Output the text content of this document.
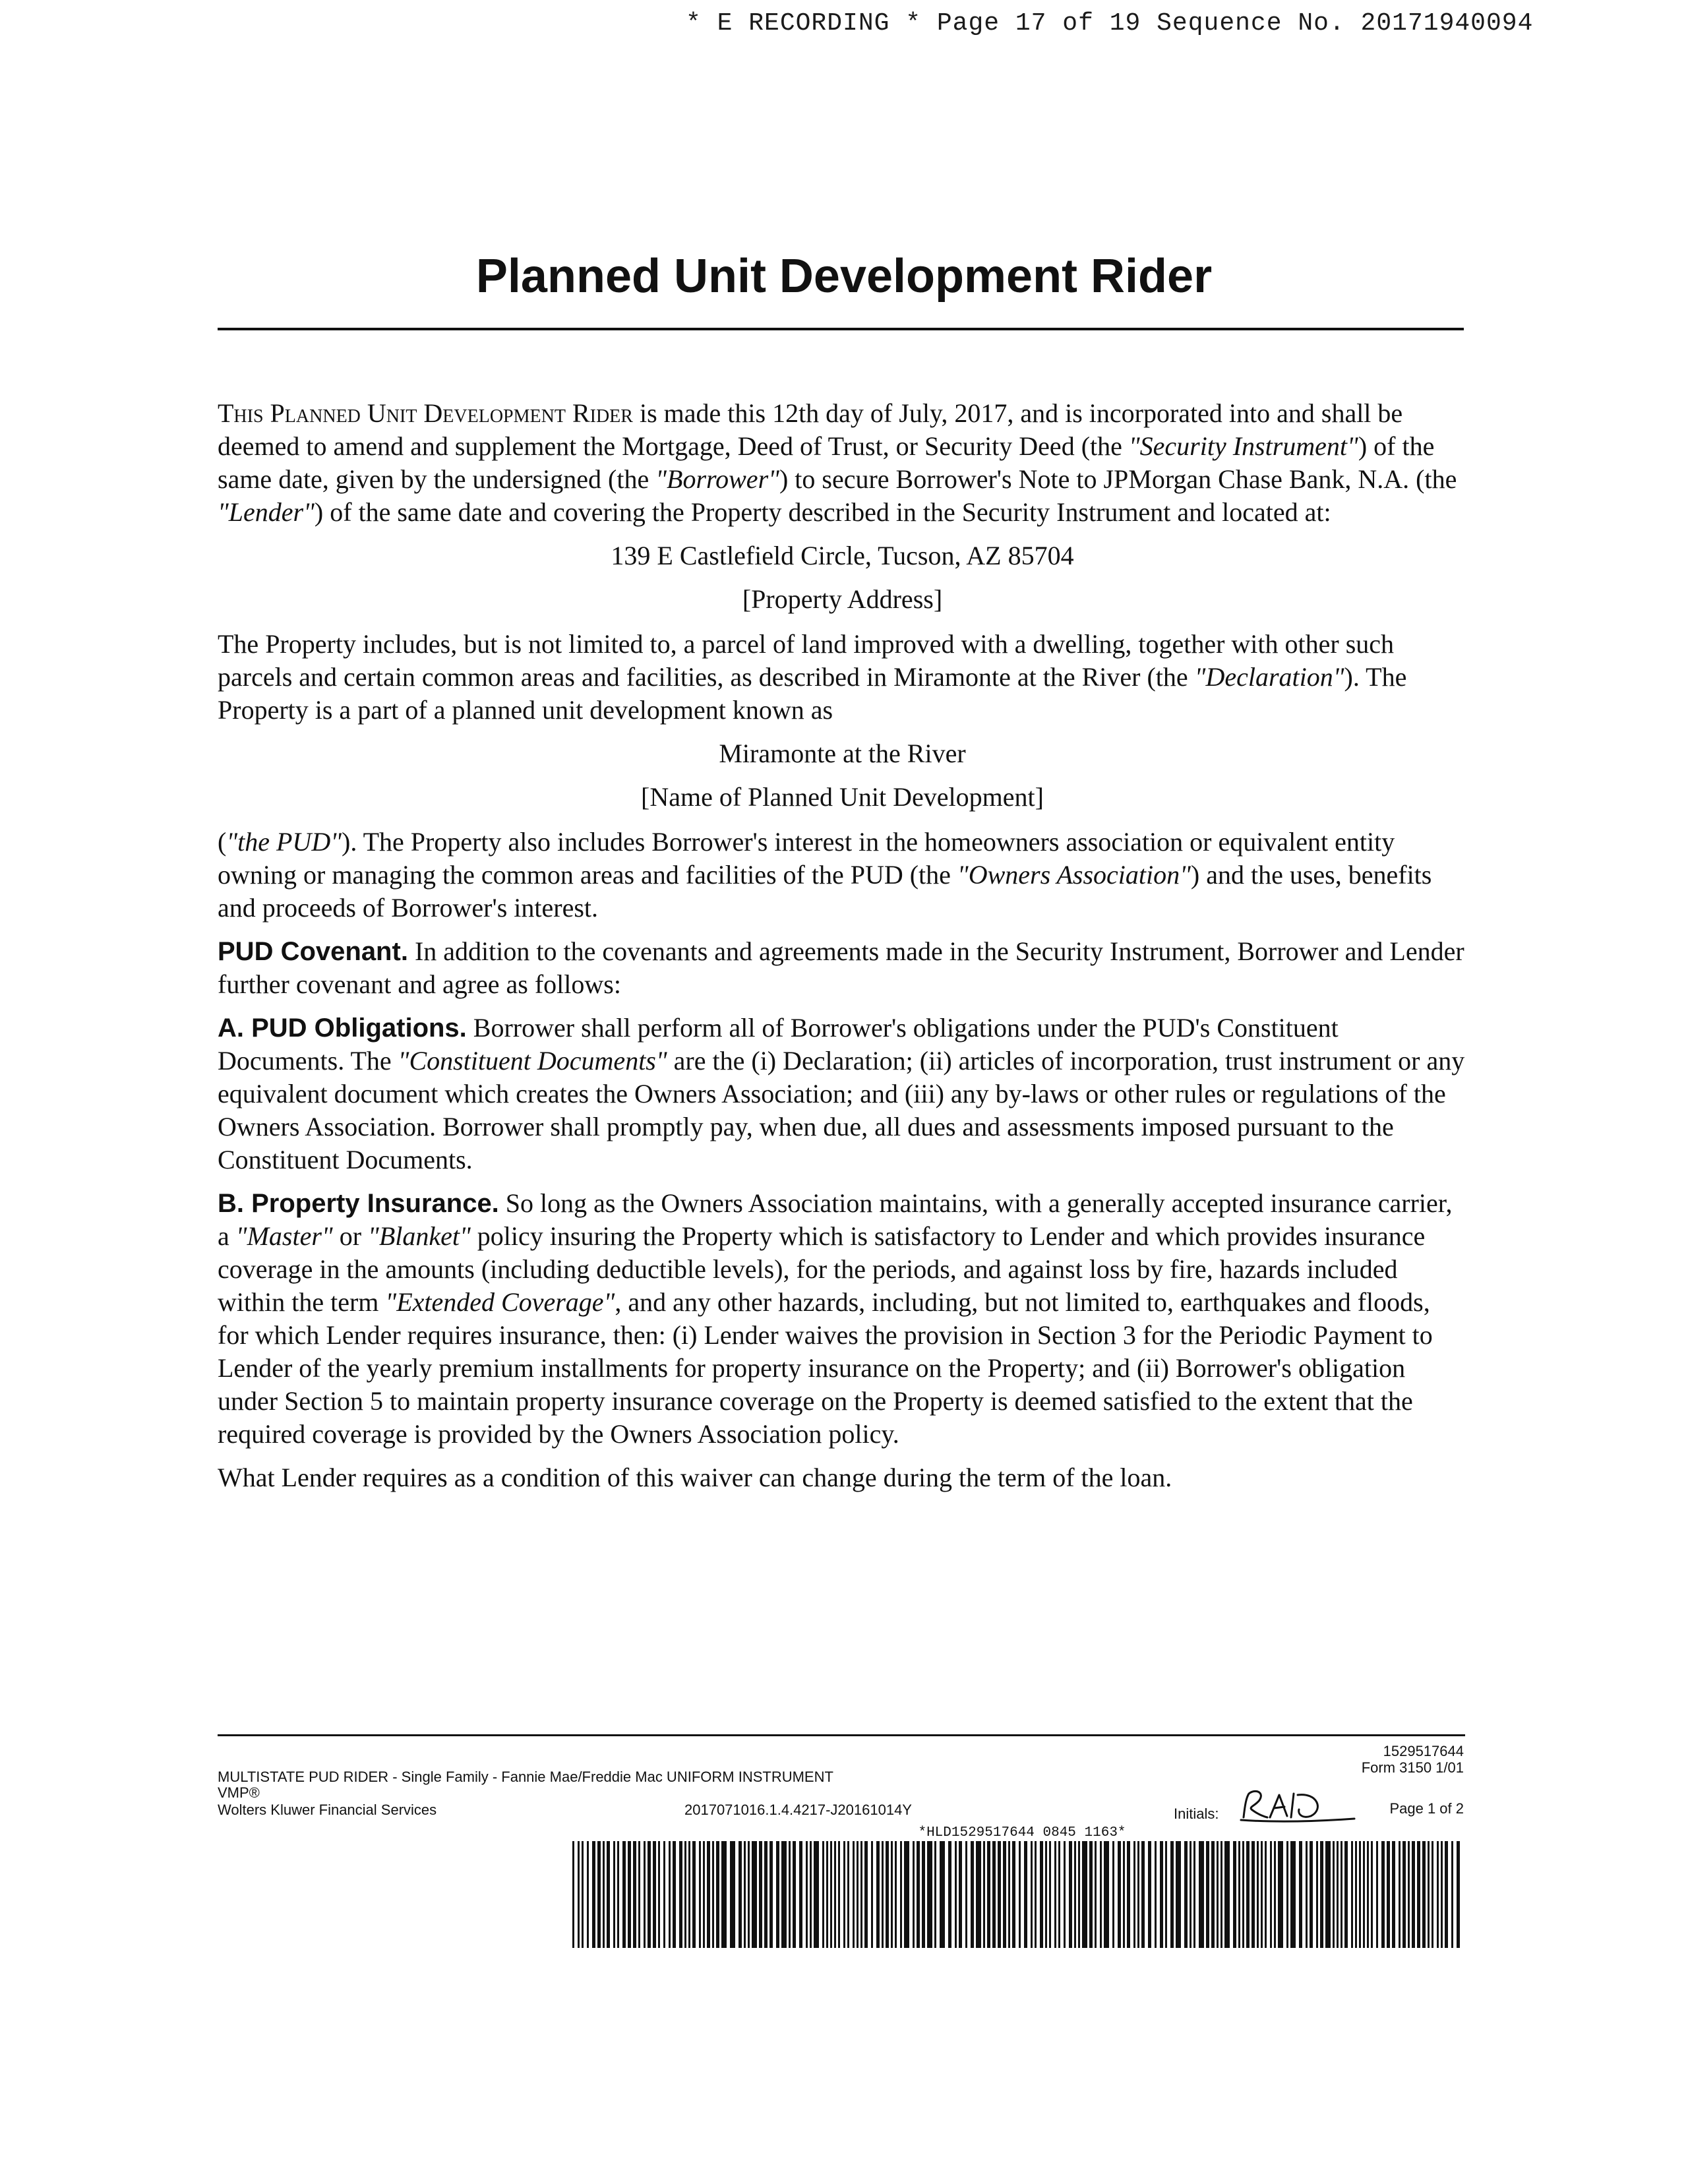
* E RECORDING * Page 17 of 19 Sequence No. 20171940094
Planned Unit Development Rider

This Planned Unit Development Rider is made this 12th day of July, 2017, and is incorporated into and shall be deemed to amend and supplement the Mortgage, Deed of Trust, or Security Deed (the "Security Instrument") of the same date, given by the undersigned (the "Borrower") to secure Borrower's Note to JPMorgan Chase Bank, N.A. (the "Lender") of the same date and covering the Property described in the Security Instrument and located at:

139 E Castlefield Circle, Tucson, AZ 85704

[Property Address]

The Property includes, but is not limited to, a parcel of land improved with a dwelling, together with other such parcels and certain common areas and facilities, as described in Miramonte at the River (the "Declaration"). The Property is a part of a planned unit development known as

Miramonte at the River

[Name of Planned Unit Development]

("the PUD"). The Property also includes Borrower's interest in the homeowners association or equivalent entity owning or managing the common areas and facilities of the PUD (the "Owners Association") and the uses, benefits and proceeds of Borrower's interest.

PUD Covenant. In addition to the covenants and agreements made in the Security Instrument, Borrower and Lender further covenant and agree as follows:

A. PUD Obligations. Borrower shall perform all of Borrower's obligations under the PUD's Constituent Documents. The "Constituent Documents" are the (i) Declaration; (ii) articles of incorporation, trust instrument or any equivalent document which creates the Owners Association; and (iii) any by-laws or other rules or regulations of the Owners Association. Borrower shall promptly pay, when due, all dues and assessments imposed pursuant to the Constituent Documents.

B. Property Insurance. So long as the Owners Association maintains, with a generally accepted insurance carrier, a "Master" or "Blanket" policy insuring the Property which is satisfactory to Lender and which provides insurance coverage in the amounts (including deductible levels), for the periods, and against loss by fire, hazards included within the term "Extended Coverage", and any other hazards, including, but not limited to, earthquakes and floods, for which Lender requires insurance, then: (i) Lender waives the provision in Section 3 for the Periodic Payment to Lender of the yearly premium installments for property insurance on the Property; and (ii) Borrower's obligation under Section 5 to maintain property insurance coverage on the Property is deemed satisfied to the extent that the required coverage is provided by the Owners Association policy.

What Lender requires as a condition of this waiver can change during the term of the loan.

1529517644
Form 3150 1/01
MULTISTATE PUD RIDER - Single Family - Fannie Mae/Freddie Mac UNIFORM INSTRUMENT
VMP®
Wolters Kluwer Financial Services	2017071016.1.4.4217-J20161014Y	Initials:	Page 1 of 2
*HLD1529517644 0845 1163*
